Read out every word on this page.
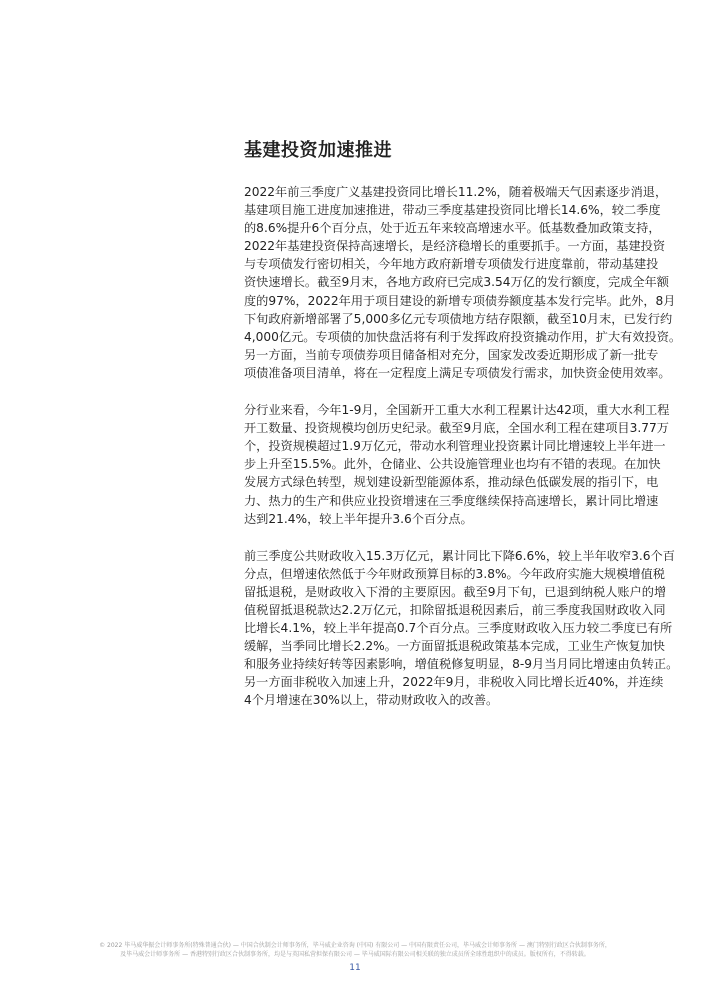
基建投资加速推进
2022年前三季度广义基建投资同比增长11.2%，随着极端天气因素逐步消退，
基建项目施工进度加速推进，带动三季度基建投资同比增长14.6%，较二季度
的8.6%提升6个百分点，处于近五年来较高增速水平。低基数叠加政策支持，
2022年基建投资保持高速增长，是经济稳增长的重要抓手。一方面，基建投资
与专项债发行密切相关，今年地方政府新增专项债发行进度靠前，带动基建投
资快速增长。截至9月末，各地方政府已完成3.54万亿的发行额度，完成全年额
度的97%，2022年用于项目建设的新增专项债券额度基本发行完毕。此外，8月
下旬政府新增部署了5,000多亿元专项债地方结存限额，截至10月末，已发行约
4,000亿元。专项债的加快盘活将有利于发挥政府投资撬动作用，扩大有效投资。
另一方面，当前专项债券项目储备相对充分，国家发改委近期形成了新一批专
项债准备项目清单，将在一定程度上满足专项债发行需求，加快资金使用效率。
分行业来看，今年1-9月，全国新开工重大水利工程累计达42项，重大水利工程
开工数量、投资规模均创历史纪录。截至9月底，全国水利工程在建项目3.77万
个，投资规模超过1.9万亿元，带动水利管理业投资累计同比增速较上半年进一
步上升至15.5%。此外，仓储业、公共设施管理业也均有不错的表现。在加快
发展方式绿色转型，规划建设新型能源体系，推动绿色低碳发展的指引下，电
力、热力的生产和供应业投资增速在三季度继续保持高速增长，累计同比增速
达到21.4%，较上半年提升3.6个百分点。
前三季度公共财政收入15.3万亿元，累计同比下降6.6%，较上半年收窄3.6个百
分点，但增速依然低于今年财政预算目标的3.8%。今年政府实施大规模增值税
留抵退税，是财政收入下滑的主要原因。截至9月下旬，已退到纳税人账户的增
值税留抵退税款达2.2万亿元，扣除留抵退税因素后，前三季度我国财政收入同
比增长4.1%，较上半年提高0.7个百分点。三季度财政收入压力较二季度已有所
缓解，当季同比增长2.2%。一方面留抵退税政策基本完成，工业生产恢复加快
和服务业持续好转等因素影响，增值税修复明显，8-9月当月同比增速由负转正。
另一方面非税收入加速上升，2022年9月，非税收入同比增长近40%，并连续
4个月增速在30%以上，带动财政收入的改善。
© 2022 毕马威华振会计师事务所(特殊普通合伙) — 中国合伙制会计师事务所，毕马威企业咨询 (中国) 有限公司 — 中国有限责任公司，毕马威会计师事务所 — 澳门特别行政区合伙制事务所，
及毕马威会计师事务所 — 香港特别行政区合伙制事务所，均是与英国私营担保有限公司 — 毕马威国际有限公司相关联的独立成员所全球性组织中的成员。版权所有，不得转载。
11
